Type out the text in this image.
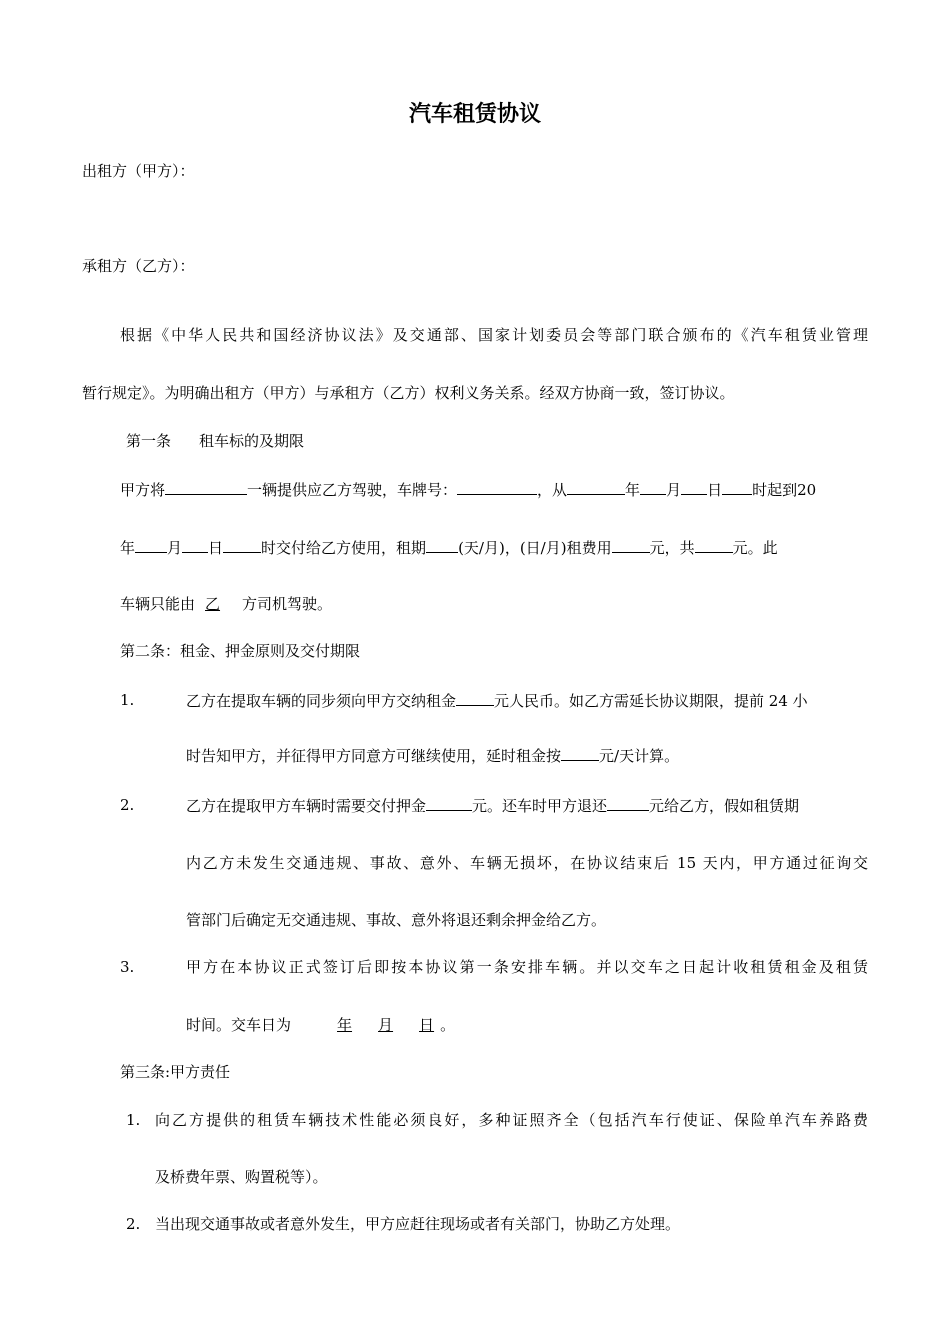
汽车租赁协议
出租方（甲方）：
承租方（乙方）：
根据《中华人民共和国经济协议法》及交通部、国家计划委员会等部门联合颁布的《汽车租赁业管理
暂行规定》。为明确出租方（甲方）与承租方（乙方）权利义务关系。经双方协商一致，签订协议。
第一条 租车标的及期限
甲方将	一辆提供应乙方驾驶，车牌号：	，从	年 月 日 时起到20
年 月 日	时交付给乙方使用，租期 (天/月)，(日/月)租费用	元，共	元。此
车辆只能由 乙 方司机驾驶。
第二条：租金、押金原则及交付期限
1.	乙方在提取车辆的同步须向甲方交纳租金	元人民币。如乙方需延长协议期限，提前 24 小
时告知甲方，并征得甲方同意方可继续使用，延时租金按	元/天计算。
2.	乙方在提取甲方车辆时需要交付押金	元。还车时甲方退还	元给乙方，假如租赁期
内乙方未发生交通违规、事故、意外、车辆无损坏，在协议结束后 15 天内，甲方通过征询交
管部门后确定无交通违规、事故、意外将退还剩余押金给乙方。
3.	甲方在本协议正式签订后即按本协议第一条安排车辆。并以交车之日起计收租赁租金及租赁
时间。交车日为	年 月 日 。
第三条:甲方责任
1. 向乙方提供的租赁车辆技术性能必须良好，多种证照齐全（包括汽车行使证、保险单汽车养路费
及桥费年票、购置税等）。
2. 当出现交通事故或者意外发生，甲方应赶往现场或者有关部门，协助乙方处理。
